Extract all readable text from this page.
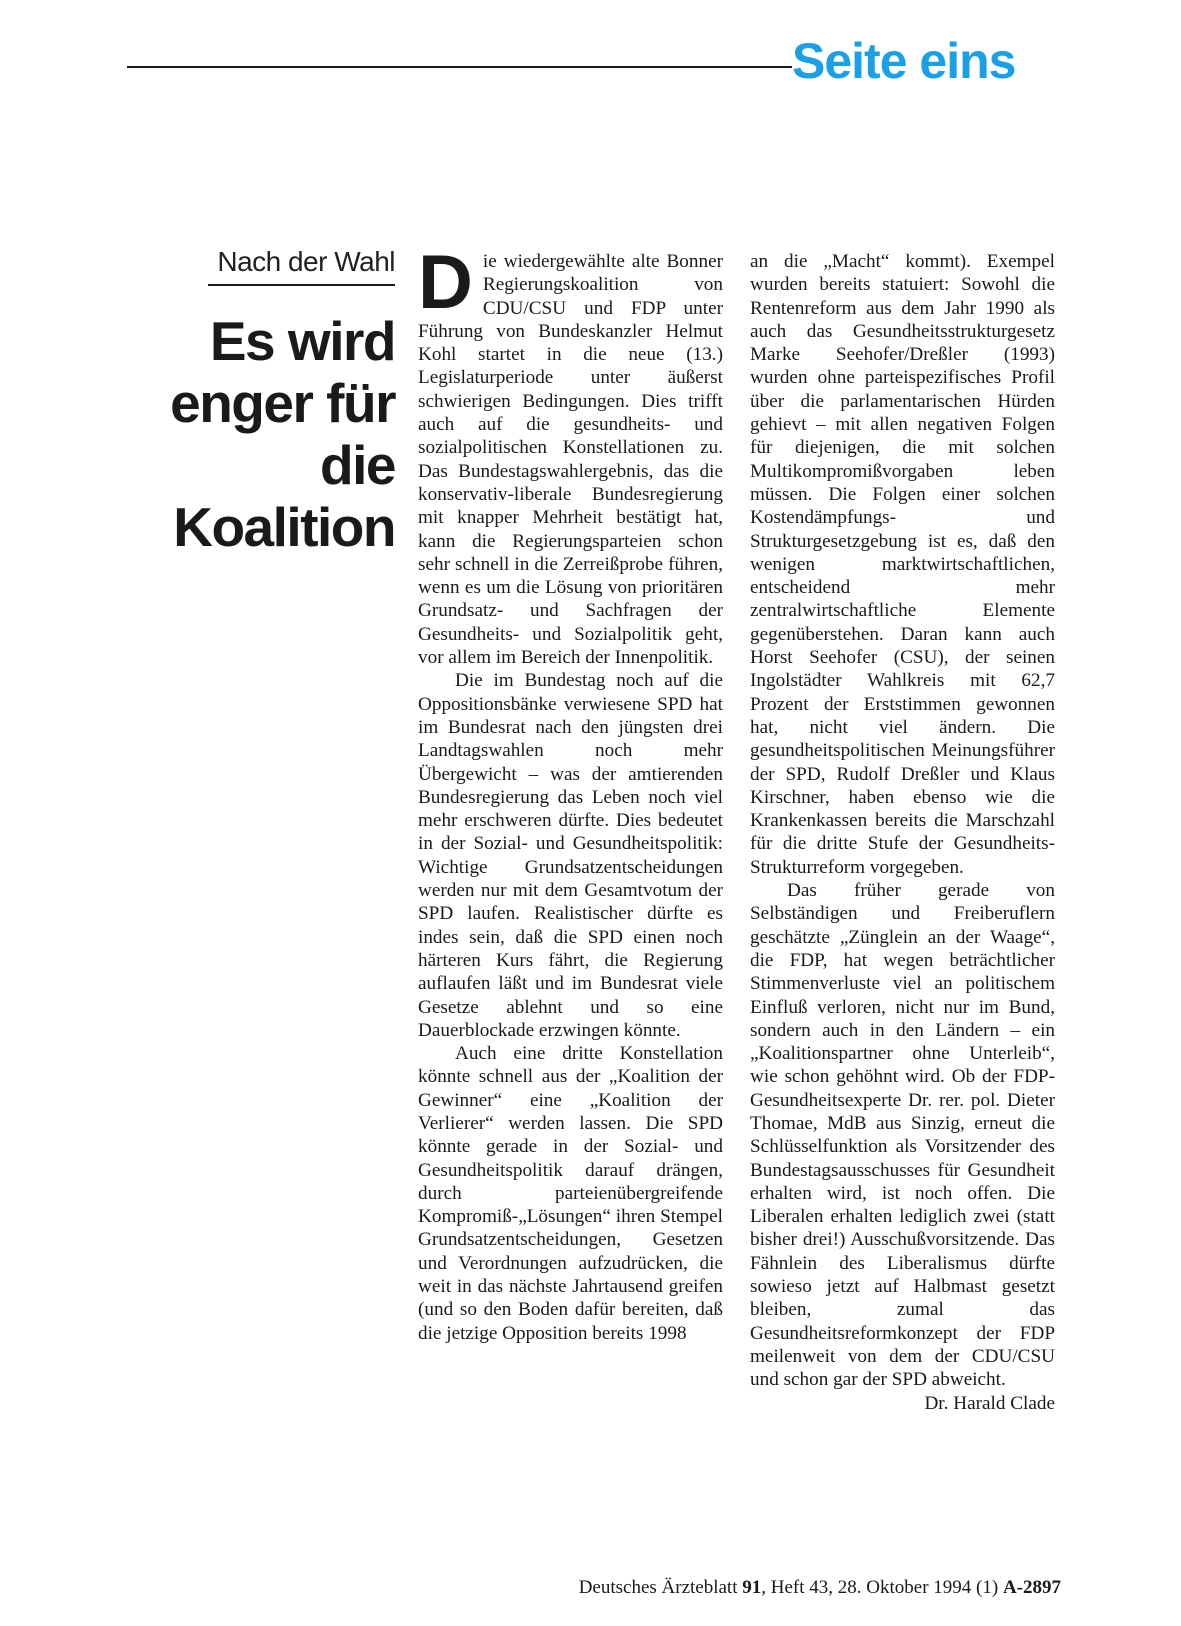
Seite eins
Nach der Wahl
Es wird enger für die Koalition

Die wiedergewählte alte Bonner Regierungskoalition von CDU/CSU und FDP unter Führung von Bundeskanzler Helmut Kohl startet in die neue (13.) Legislaturperiode unter äußerst schwierigen Bedingungen. Dies trifft auch auf die gesundheits- und sozialpolitischen Konstellationen zu. Das Bundestagswahlergebnis, das die konservativ-liberale Bundesregierung mit knapper Mehrheit bestätigt hat, kann die Regierungsparteien schon sehr schnell in die Zerreißprobe führen, wenn es um die Lösung von prioritären Grundsatz- und Sachfragen der Gesundheits- und Sozialpolitik geht, vor allem im Bereich der Innenpolitik.

Die im Bundestag noch auf die Oppositionsbänke verwiesene SPD hat im Bundesrat nach den jüngsten drei Landtagswahlen noch mehr Übergewicht – was der amtierenden Bundesregierung das Leben noch viel mehr erschweren dürfte. Dies bedeutet in der Sozial- und Gesundheitspolitik: Wichtige Grundsatzentscheidungen werden nur mit dem Gesamtvotum der SPD laufen. Realistischer dürfte es indes sein, daß die SPD einen noch härteren Kurs fährt, die Regierung auflaufen läßt und im Bundesrat viele Gesetze ablehnt und so eine Dauerblockade erzwingen könnte.

Auch eine dritte Konstellation könnte schnell aus der „Koalition der Gewinner“ eine „Koalition der Verlierer“ werden lassen. Die SPD könnte gerade in der Sozial- und Gesundheitspolitik darauf drängen, durch parteienübergreifende Kompromiß-„Lösungen“ ihren Stempel Grundsatzentscheidungen, Gesetzen und Verordnungen aufzudrücken, die weit in das nächste Jahrtausend greifen (und so den Boden dafür bereiten, daß die jetzige Opposition bereits 1998

an die „Macht“ kommt). Exempel wurden bereits statuiert: Sowohl die Rentenreform aus dem Jahr 1990 als auch das Gesundheitsstrukturgesetz Marke Seehofer/Dreßler (1993) wurden ohne parteispezifisches Profil über die parlamentarischen Hürden gehievt – mit allen negativen Folgen für diejenigen, die mit solchen Multikompromißvorgaben leben müssen. Die Folgen einer solchen Kostendämpfungs- und Strukturgesetzgebung ist es, daß den wenigen marktwirtschaftlichen, entscheidend mehr zentralwirtschaftliche Elemente gegenüberstehen. Daran kann auch Horst Seehofer (CSU), der seinen Ingolstädter Wahlkreis mit 62,7 Prozent der Erststimmen gewonnen hat, nicht viel ändern. Die gesundheitspolitischen Meinungsführer der SPD, Rudolf Dreßler und Klaus Kirschner, haben ebenso wie die Krankenkassen bereits die Marschzahl für die dritte Stufe der Gesundheits-Strukturreform vorgegeben.

Das früher gerade von Selbständigen und Freiberuflern geschätzte „Zünglein an der Waage“, die FDP, hat wegen beträchtlicher Stimmenverluste viel an politischem Einfluß verloren, nicht nur im Bund, sondern auch in den Ländern – ein „Koalitionspartner ohne Unterleib“, wie schon gehöhnt wird. Ob der FDP-Gesundheitsexperte Dr. rer. pol. Dieter Thomae, MdB aus Sinzig, erneut die Schlüsselfunktion als Vorsitzender des Bundestagsausschusses für Gesundheit erhalten wird, ist noch offen. Die Liberalen erhalten lediglich zwei (statt bisher drei!) Ausschußvorsitzende. Das Fähnlein des Liberalismus dürfte sowieso jetzt auf Halbmast gesetzt bleiben, zumal das Gesundheitsreformkonzept der FDP meilenweit von dem der CDU/CSU und schon gar der SPD abweicht.

Dr. Harald Clade

Deutsches Ärzteblatt 91, Heft 43, 28. Oktober 1994 (1) A-2897
